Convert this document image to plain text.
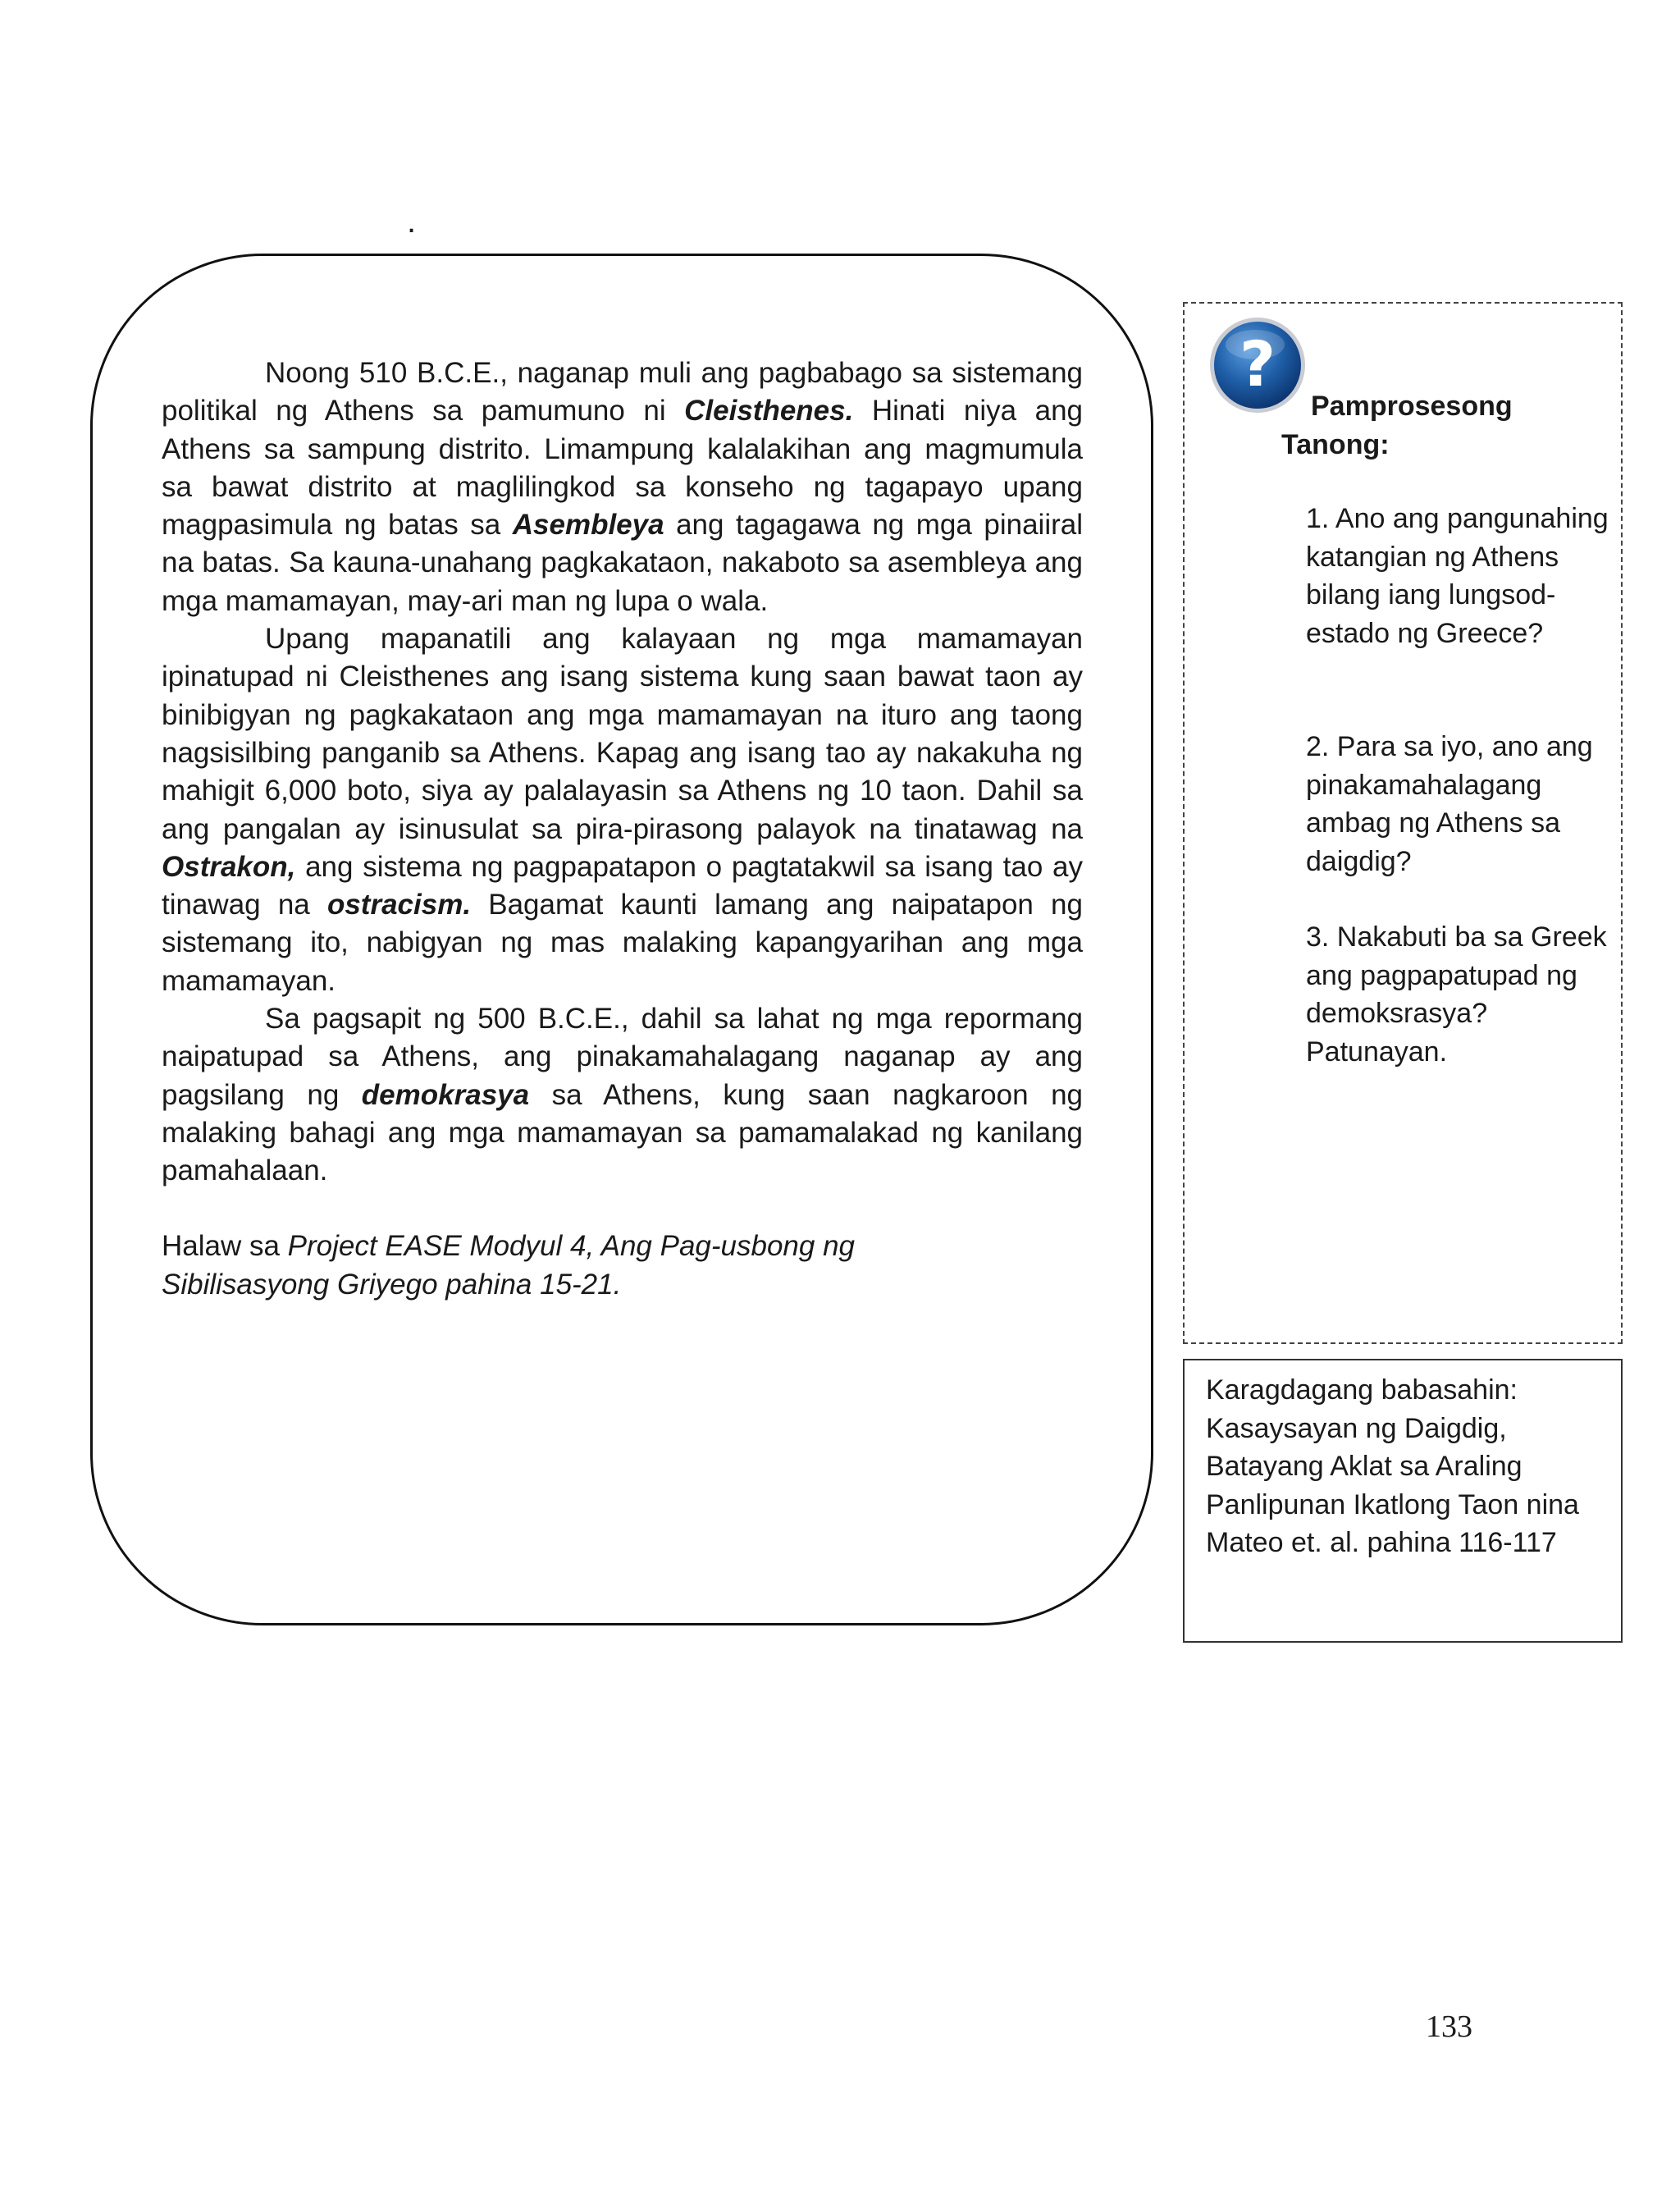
.

Noong 510 B.C.E., naganap muli ang pagbabago sa sistemang politikal ng Athens sa pamumuno ni Cleisthenes. Hinati niya ang Athens sa sampung distrito. Limampung kalalakihan ang magmumula sa bawat distrito at maglilingkod sa konseho ng tagapayo upang magpasimula ng batas sa Asembleya ang tagagawa ng mga pinaiiral na batas. Sa kauna-unahang pagkakataon, nakaboto sa asembleya ang mga mamamayan, may-ari man ng lupa o wala.

Upang mapanatili ang kalayaan ng mga mamamayan ipinatupad ni Cleisthenes ang isang sistema kung saan bawat taon ay binibigyan ng pagkakataon ang mga mamamayan na ituro ang taong nagsisilbing panganib sa Athens. Kapag ang isang tao ay nakakuha ng mahigit 6,000 boto, siya ay palalayasin sa Athens ng 10 taon. Dahil sa ang pangalan ay isinusulat sa pira-pirasong palayok na tinatawag na Ostrakon, ang sistema ng pagpapatapon o pagtatakwil sa isang tao ay tinawag na ostracism. Bagamat kaunti lamang ang naipatapon ng sistemang ito, nabigyan ng mas malaking kapangyarihan ang mga mamamayan.

Sa pagsapit ng 500 B.C.E., dahil sa lahat ng mga repormang naipatupad sa Athens, ang pinakamahalagang naganap ay ang pagsilang ng demokrasya sa Athens, kung saan nagkaroon ng malaking bahagi ang mga mamamayan sa pamamalakad ng kanilang pamahalaan.

Halaw sa Project EASE Modyul 4, Ang Pag-usbong ng
Sibilisasyong Griyego pahina 15-21.
?
Pamprosesong
Tanong:
1. Ano ang pangunahing katangian ng Athens bilang iang lungsod-estado ng Greece?
2. Para sa iyo, ano ang pinakamahalagang ambag ng Athens sa daigdig?
3. Nakabuti ba sa Greek ang pagpapatupad ng demoksrasya? Patunayan.
Karagdagang babasahin: Kasaysayan ng Daigdig, Batayang Aklat sa Araling Panlipunan Ikatlong Taon nina Mateo et. al. pahina 116-117
133
